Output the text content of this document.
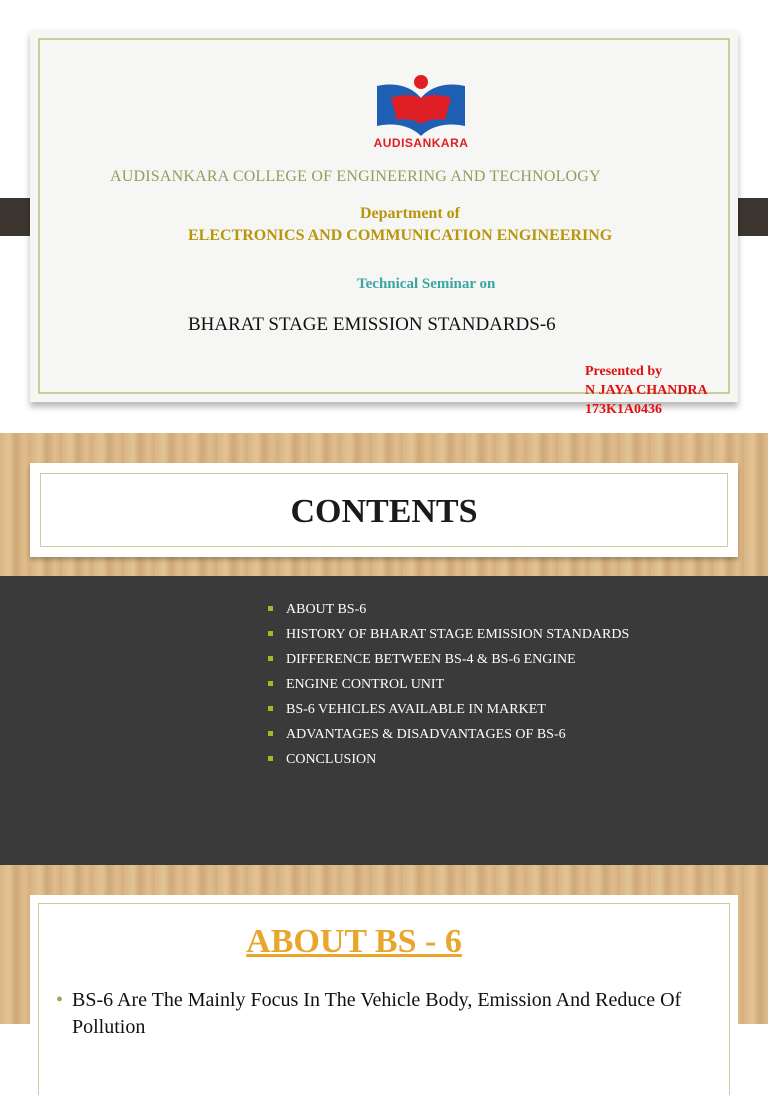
AUDISANKARA
AUDISANKARA COLLEGE OF ENGINEERING AND TECHNOLOGY
Department of
ELECTRONICS AND COMMUNICATION ENGINEERING
Technical Seminar on
BHARAT STAGE EMISSION STANDARDS-6
Presented by
N JAYA CHANDRA
173K1A0436
CONTENTS
ABOUT BS-6
HISTORY OF BHARAT STAGE EMISSION STANDARDS
DIFFERENCE BETWEEN BS-4 & BS-6 ENGINE
ENGINE CONTROL UNIT
BS-6 VEHICLES AVAILABLE IN MARKET
ADVANTAGES & DISADVANTAGES OF BS-6
CONCLUSION
ABOUT BS - 6
• BS-6 Are The Mainly Focus In The Vehicle Body, Emission And Reduce Of Pollution
